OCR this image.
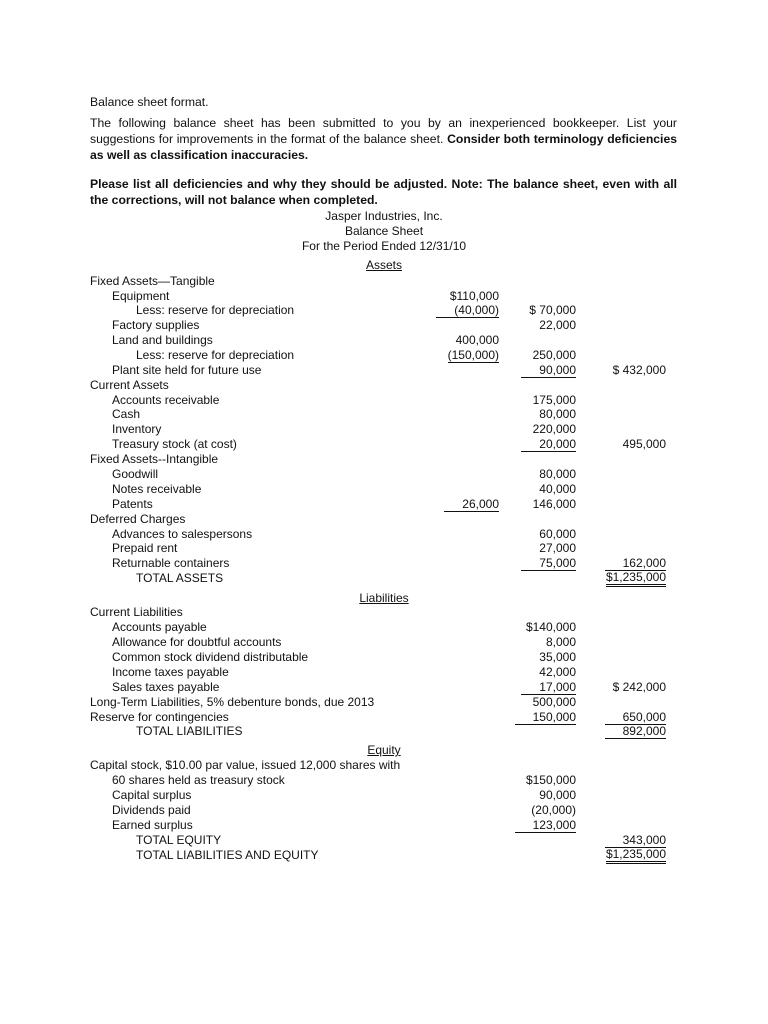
Balance sheet format.
The following balance sheet has been submitted to you by an inexperienced bookkeeper. List your suggestions for improvements in the format of the balance sheet. Consider both terminology deficiencies as well as classification inaccuracies.
Please list all deficiencies and why they should be adjusted. Note: The balance sheet, even with all the corrections, will not balance when completed.
Jasper Industries, Inc.
Balance Sheet
For the Period Ended 12/31/10
Assets
Fixed Assets—Tangible
Equipment	$110,000
Less: reserve for depreciation	(40,000)	$ 70,000
Factory supplies	22,000
Land and buildings	400,000
Less: reserve for depreciation	(150,000)	250,000
Plant site held for future use	90,000	$ 432,000
Current Assets
Accounts receivable	175,000
Cash	80,000
Inventory	220,000
Treasury stock (at cost)	20,000	495,000
Fixed Assets--Intangible
Goodwill	80,000
Notes receivable	40,000
Patents	26,000	146,000
Deferred Charges
Advances to salespersons	60,000
Prepaid rent	27,000
Returnable containers	75,000	162,000
TOTAL ASSETS	$1,235,000
Liabilities
Current Liabilities
Accounts payable	$140,000
Allowance for doubtful accounts	8,000
Common stock dividend distributable	35,000
Income taxes payable	42,000
Sales taxes payable	17,000	$ 242,000
Long-Term Liabilities, 5% debenture bonds, due 2013	500,000
Reserve for contingencies	150,000	650,000
TOTAL LIABILITIES	892,000
Equity
Capital stock, $10.00 par value, issued 12,000 shares with
60 shares held as treasury stock	$150,000
Capital surplus	90,000
Dividends paid	(20,000)
Earned surplus	123,000
TOTAL EQUITY	343,000
TOTAL LIABILITIES AND EQUITY	$1,235,000
